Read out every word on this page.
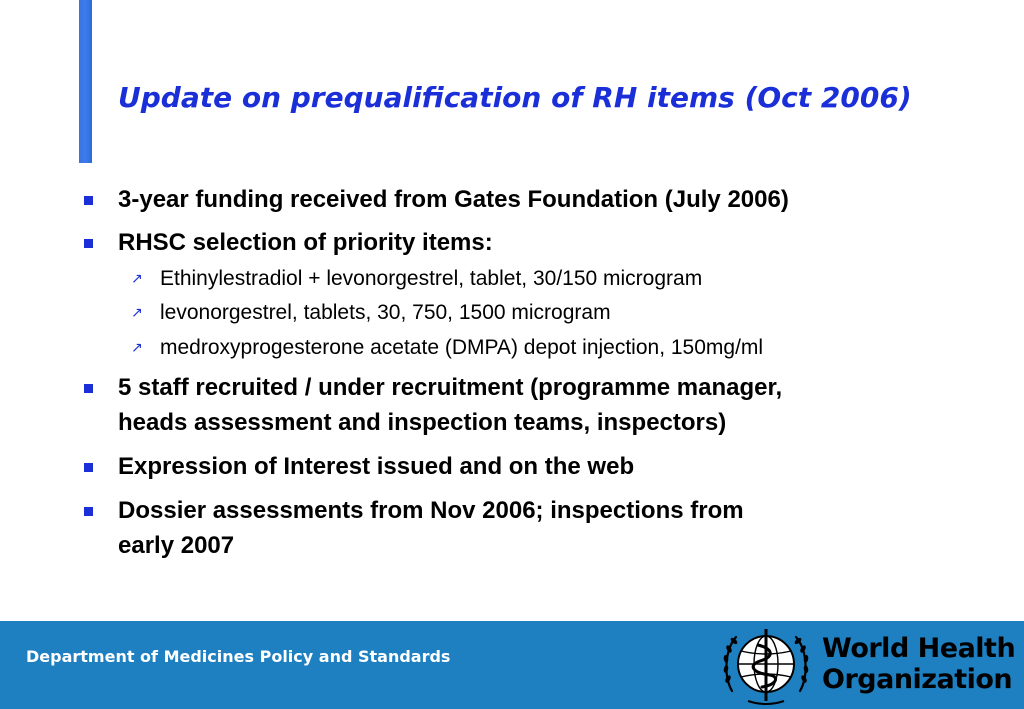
Update on prequalification of RH items (Oct 2006)
3-year funding received from Gates Foundation (July 2006)
RHSC selection of priority items:
↗ Ethinylestradiol + levonorgestrel, tablet, 30/150 microgram
↗ levonorgestrel, tablets, 30, 750, 1500 microgram
↗ medroxyprogesterone acetate (DMPA) depot injection, 150mg/ml
5 staff recruited / under recruitment (programme manager,
heads assessment and inspection teams, inspectors)
Expression of Interest issued and on the web
Dossier assessments from Nov 2006; inspections from
early 2007
Department of Medicines Policy and Standards	World Health
Organization
